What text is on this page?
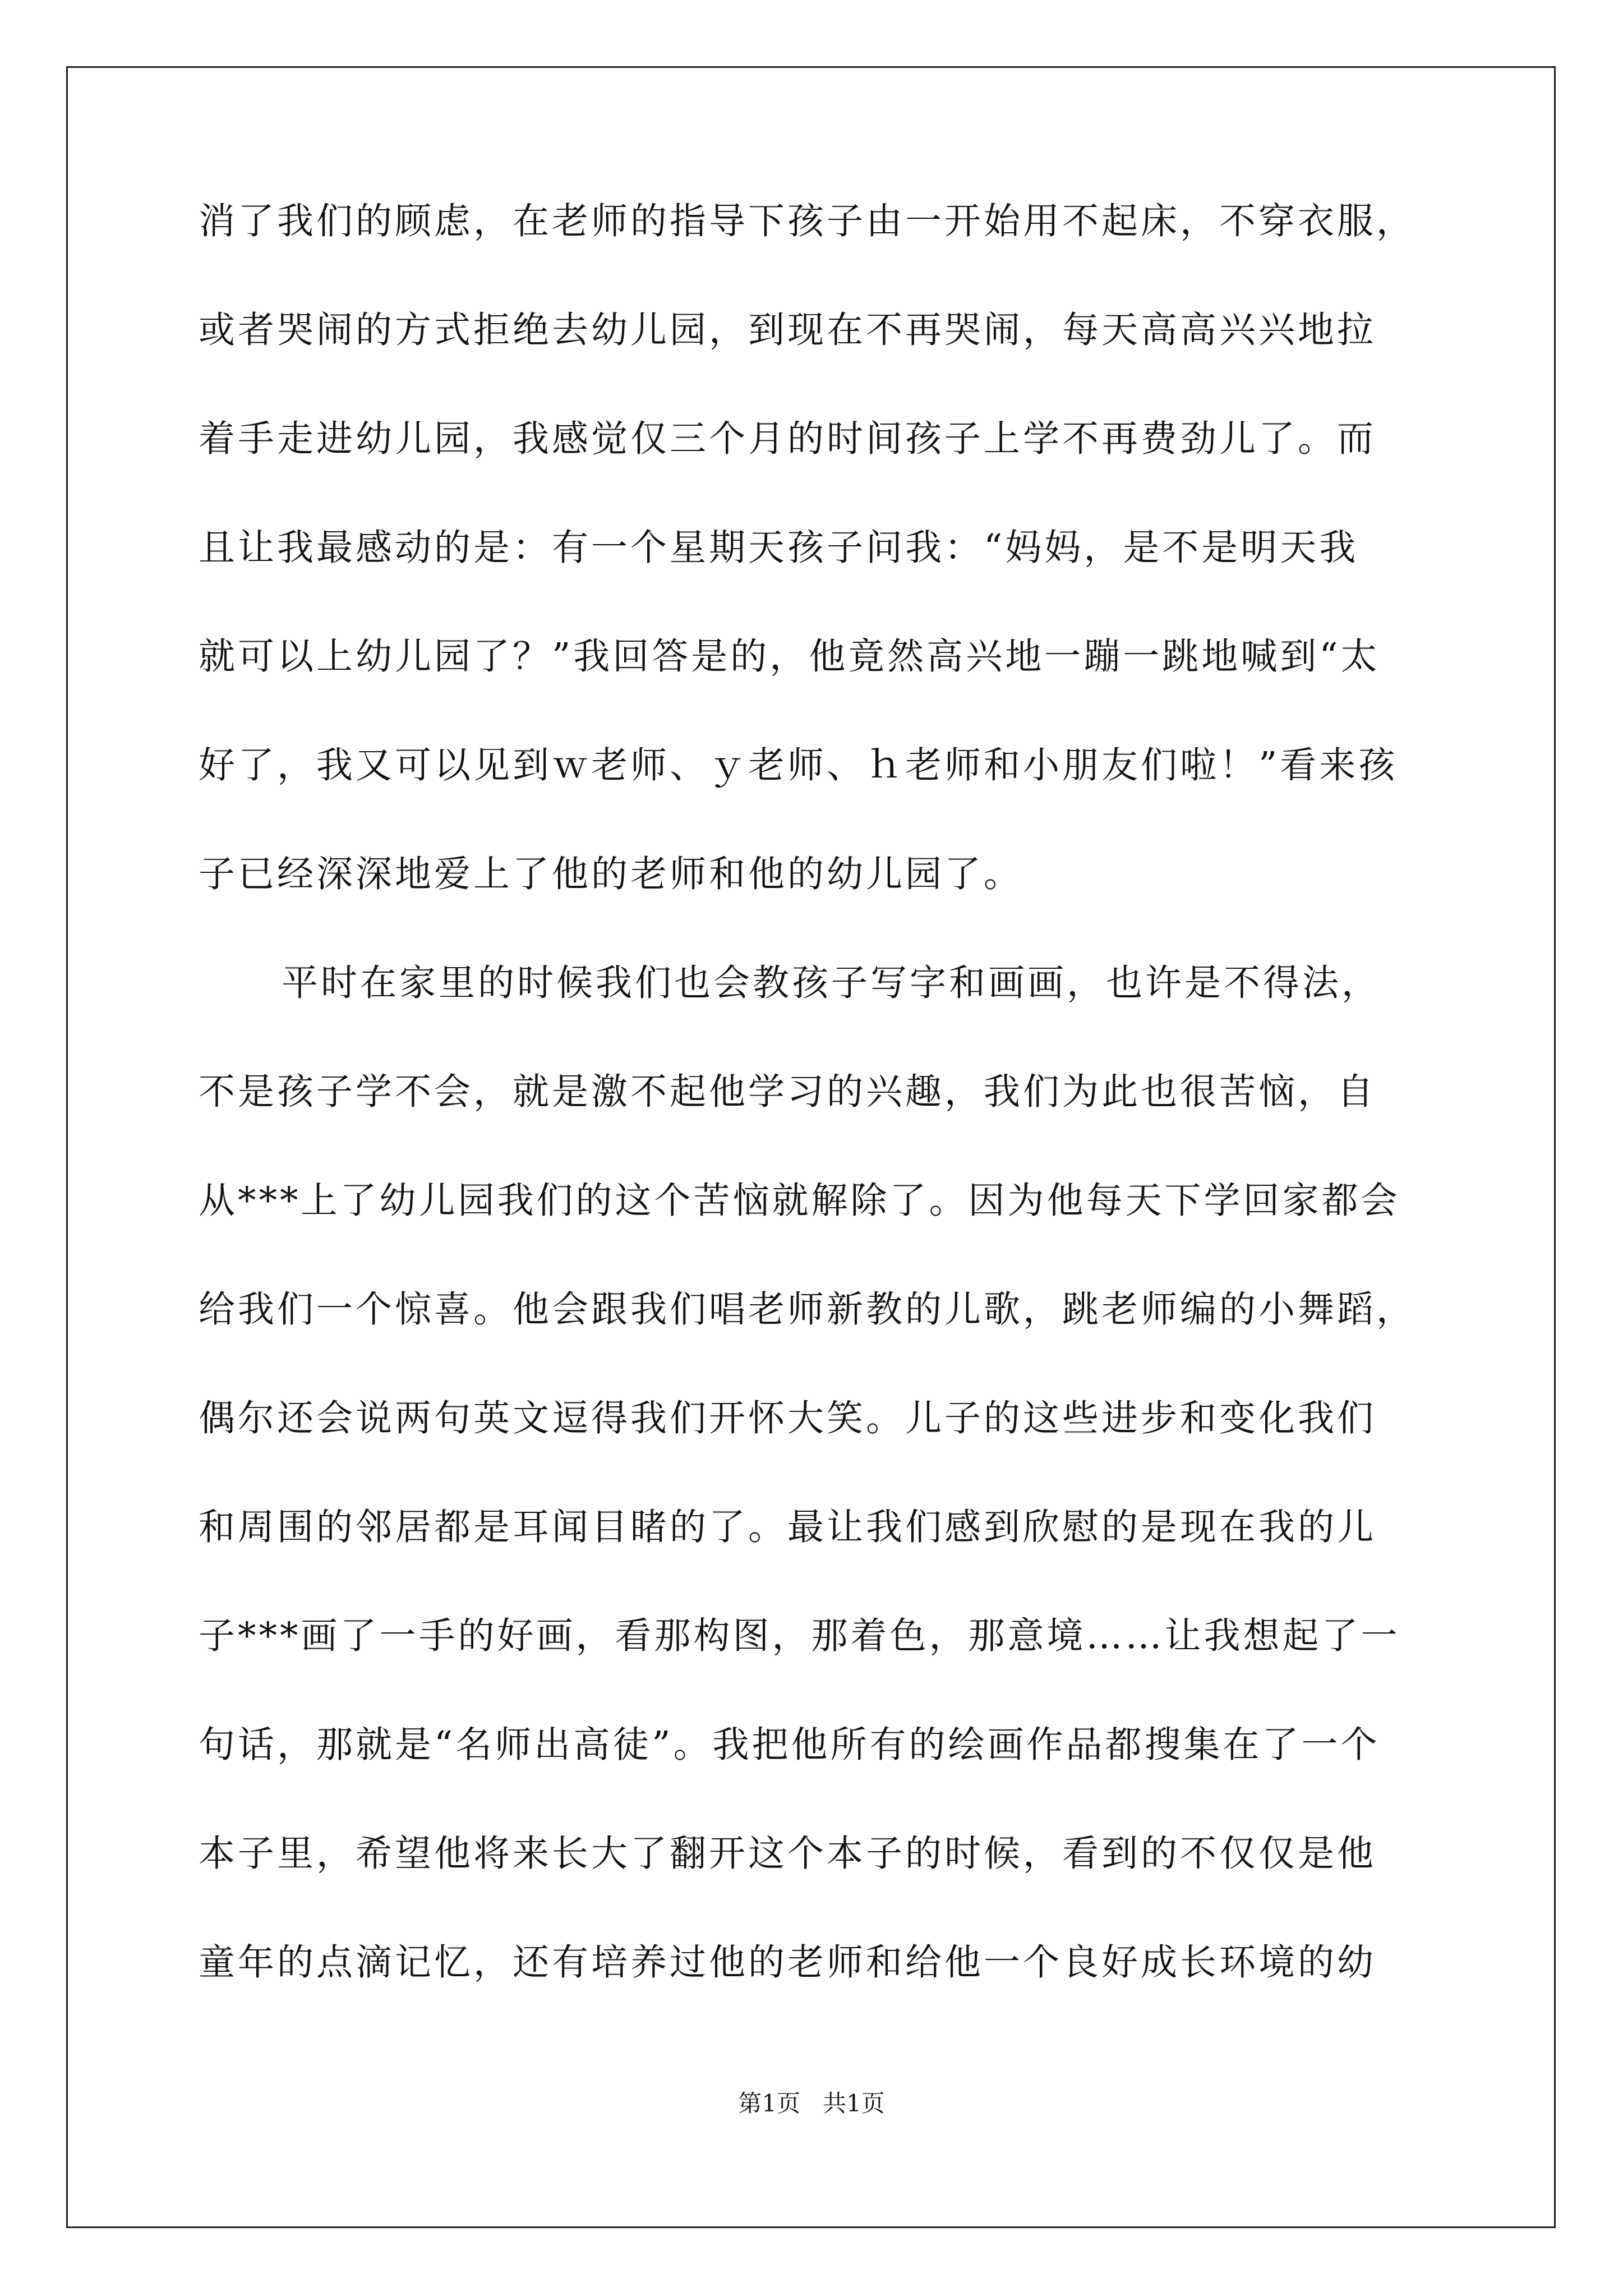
消了我们的顾虑，在老师的指导下孩子由一开始用不起床，不穿衣服，
或者哭闹的方式拒绝去幼儿园，到现在不再哭闹，每天高高兴兴地拉
着手走进幼儿园，我感觉仅三个月的时间孩子上学不再费劲儿了。而
且让我最感动的是：有一个星期天孩子问我：“妈妈，是不是明天我
就可以上幼儿园了？”我回答是的，他竟然高兴地一蹦一跳地喊到“太
好了，我又可以见到ｗ老师、ｙ老师、ｈ老师和小朋友们啦！”看来孩
子已经深深地爱上了他的老师和他的幼儿园了。
平时在家里的时候我们也会教孩子写字和画画，也许是不得法，
不是孩子学不会，就是激不起他学习的兴趣，我们为此也很苦恼，自
从***上了幼儿园我们的这个苦恼就解除了。因为他每天下学回家都会
给我们一个惊喜。他会跟我们唱老师新教的儿歌，跳老师编的小舞蹈，
偶尔还会说两句英文逗得我们开怀大笑。儿子的这些进步和变化我们
和周围的邻居都是耳闻目睹的了。最让我们感到欣慰的是现在我的儿
子***画了一手的好画，看那构图，那着色，那意境……让我想起了一
句话，那就是“名师出高徒”。我把他所有的绘画作品都搜集在了一个
本子里，希望他将来长大了翻开这个本子的时候，看到的不仅仅是他
童年的点滴记忆，还有培养过他的老师和给他一个良好成长环境的幼
第1页   共1页
